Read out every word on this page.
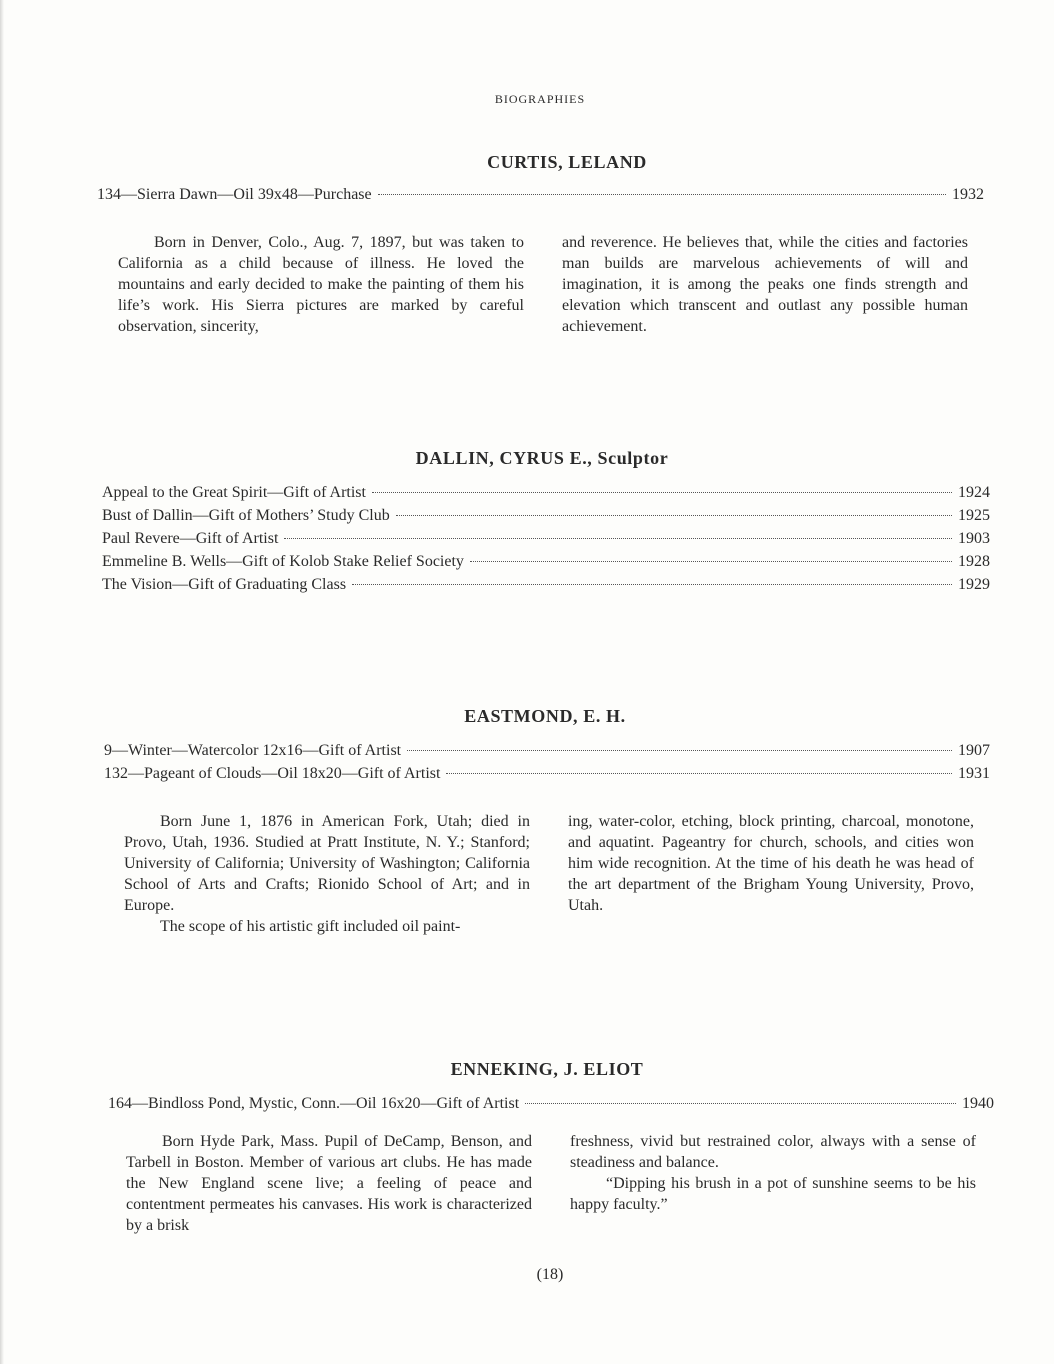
BIOGRAPHIES
CURTIS, LELAND
134—Sierra Dawn—Oil 39x48—Purchase	1932

Born in Denver, Colo., Aug. 7, 1897, but was taken to California as a child because of illness. He loved the mountains and early decided to make the painting of them his life’s work. His Sierra pictures are marked by careful observation, sincerity,

and reverence. He believes that, while the cities and factories man builds are marvelous achievements of will and imagination, it is among the peaks one finds strength and elevation which transcent and outlast any possible human achievement.

DALLIN, CYRUS E., Sculptor
Appeal to the Great Spirit—Gift of Artist	1924
Bust of Dallin—Gift of Mothers’ Study Club	1925
Paul Revere—Gift of Artist	1903
Emmeline B. Wells—Gift of Kolob Stake Relief Society	1928
The Vision—Gift of Graduating Class	1929
EASTMOND, E. H.
9—Winter—Watercolor 12x16—Gift of Artist	1907
132—Pageant of Clouds—Oil 18x20—Gift of Artist	1931

Born June 1, 1876 in American Fork, Utah; died in Provo, Utah, 1936. Studied at Pratt Institute, N. Y.; Stanford; University of California; University of Washington; California School of Arts and Crafts; Rionido School of Art; and in Europe.

The scope of his artistic gift included oil paint-

ing, water-color, etching, block printing, charcoal, monotone, and aquatint. Pageantry for church, schools, and cities won him wide recognition. At the time of his death he was head of the art department of the Brigham Young University, Provo, Utah.

ENNEKING, J. ELIOT
164—Bindloss Pond, Mystic, Conn.—Oil 16x20—Gift of Artist	1940

Born Hyde Park, Mass. Pupil of DeCamp, Benson, and Tarbell in Boston. Member of various art clubs. He has made the New England scene live; a feeling of peace and contentment permeates his canvases. His work is characterized by a brisk

freshness, vivid but restrained color, always with a sense of steadiness and balance.

“Dipping his brush in a pot of sunshine seems to be his happy faculty.”

(18)
